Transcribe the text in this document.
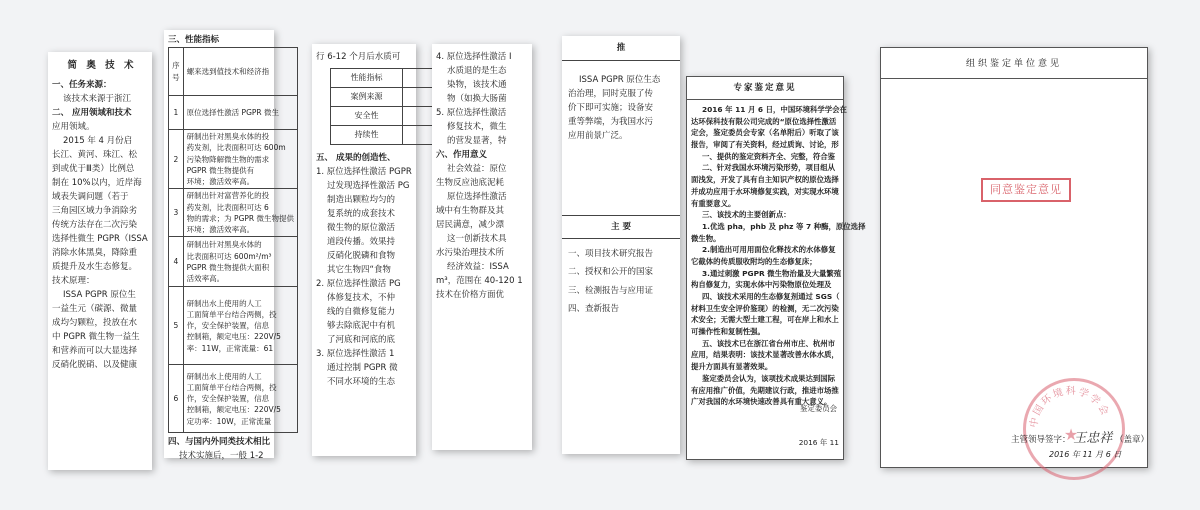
简 奥 技 术
一、任务来源：
该技术来源于浙江
二、 应用领域和技术
应用领域。
2015 年 4 月份启
长江、黄河、珠江、松
到或优于Ⅲ类）比例总
制在 10%以内，近岸海
域表失调问题（若于
三角园区域力争消除劣
传统方法存在二次污染
选择性微生 PGPR（ISSA
消除水体黑臭，降除重
质提升及水生态修复。
技术原理：
ISSA PGPR 原位生
一益生元（碳源、微量
成均匀颗粒，投放在水
中 PGPR 微生物一益生
和营养而可以大显选择
反硝化脱硝、以及健康
三、性能指标
序号	螺来选到值技术和经济指
1	原位选择性激活 PGPR 微生

2	研制出针对黑臭水体的投
药发剂，比表面积可达 600m
污染物降解微生物的需求
PGPR 微生物提供有
环境；激活效率高。

3	研制出针对富营养化的投
药发剂，比表面积可达 6
物的需求；为 PGPR 微生物提供
环境；激活效率高。

4	研制出针对黑臭水体的
比表面积可达 600m²/m³
PGPR 微生物提供大面积
活效率高。

5	研制出水上使用的人工
工面简单平台结合两侧，投
作，安全保护装置，信息
控制箱，额定电压：220V/5
率：11W，正常流量：61

6	研制出水上使用的人工
工面简单平台结合两侧，投
作，安全保护装置，信息
控制箱，额定电压：220V/5
定功率：10W，正常流量
四、与国内外同类技术相比
技术实施后，一般 1-2
行 6-12 个月后水质可
性能指标	
案例来源	
安全性	
持续性	
五、 成果的创造性、
1. 原位选择性激活 PGPR
过发现选择性激活 PG
制造出颗粒均匀的
复系统的成套技术
微生物的原位激活
道段传播。效果持
反硝化脱磷和食物
其它生物四“食物
2. 原位选择性激活 PG
体修复技术，不仲
线的自微修复能力
够去除底泥中有机
了河底和河底的底
3. 原位选择性激活 1
通过控制 PGPR 微
不同水环境的生态
4. 原位选择性激活 I
水质退的是生态
染物，该技术通
物（如换大肠菌
5. 原位选择性激活
修复技术，微生
的营发显著，特
六、作用意义
社会效益：原位
生物反应池底泥耗
原位选择性激活
域中有生物群及其
居民满意，减少漂
这一创新技术具
水污染治理技术所
经济效益：ISSA
m³，范围在 40-120 1
技术在价格方面优
推
ISSA PGPR 原位生态
治治理，同时克服了传
价下即可实施；设备安
重等弊端，为我国水污
应用前景广泛。
主 要
一、项目技术研究报告
二、授权和公开的国家
三、检测报告与应用证
四、查新报告
专家鉴定意见
2016 年 11 月 6 日，中国环境科学学会在
达环保科技有限公司完成的“原位选择性激活
定会，鉴定委员会专家（名单附后）听取了该
报告，审阅了有关资料，经过质询、讨论，形
一、提供的鉴定资料齐全、完整，符合鉴
二、针对我国水环境污染形势，项目组从
面浅发，开发了具有自主知识产权的原位选择
并成功应用于水环境修复实践，对实现水环境
有重要意义。
三、该技术的主要创新点：
1.优选 pha，phb 及 phz 等 7 种酶，原位选择
微生物。
2.制造出可用用面位化释技术的水体修复
它截体的传质服收附均的生态修复床；
3.通过刺激 PGPR 微生物治量及大量繁殖
构自修复力，实现水体中污染物原位处理及
四、该技术采用的生态修复剂通过 SGS（
材料卫生安全评价鉴现）的检测，无二次污染
术安全；无需大型土建工程，可在岸上和水上
可操作性和复制性强。
五、该技术已在浙江省台州市庄、杭州市
应用，结果表明：该技术显著改善水体水质，
提升方面具有显著效果。
鉴定委员会认为，该项技术成果达到国际
有应用推广价值，先期建议行政，推进市场推
广对我国的水环境快速改善具有重大意义。
鉴定委员会
2016 年 11
组织鉴定单位意见
同意鉴定意见
中国环境科学学会
★
主管领导签字： 王忠祥 （盖章）
2016 年 11 月 6 日
